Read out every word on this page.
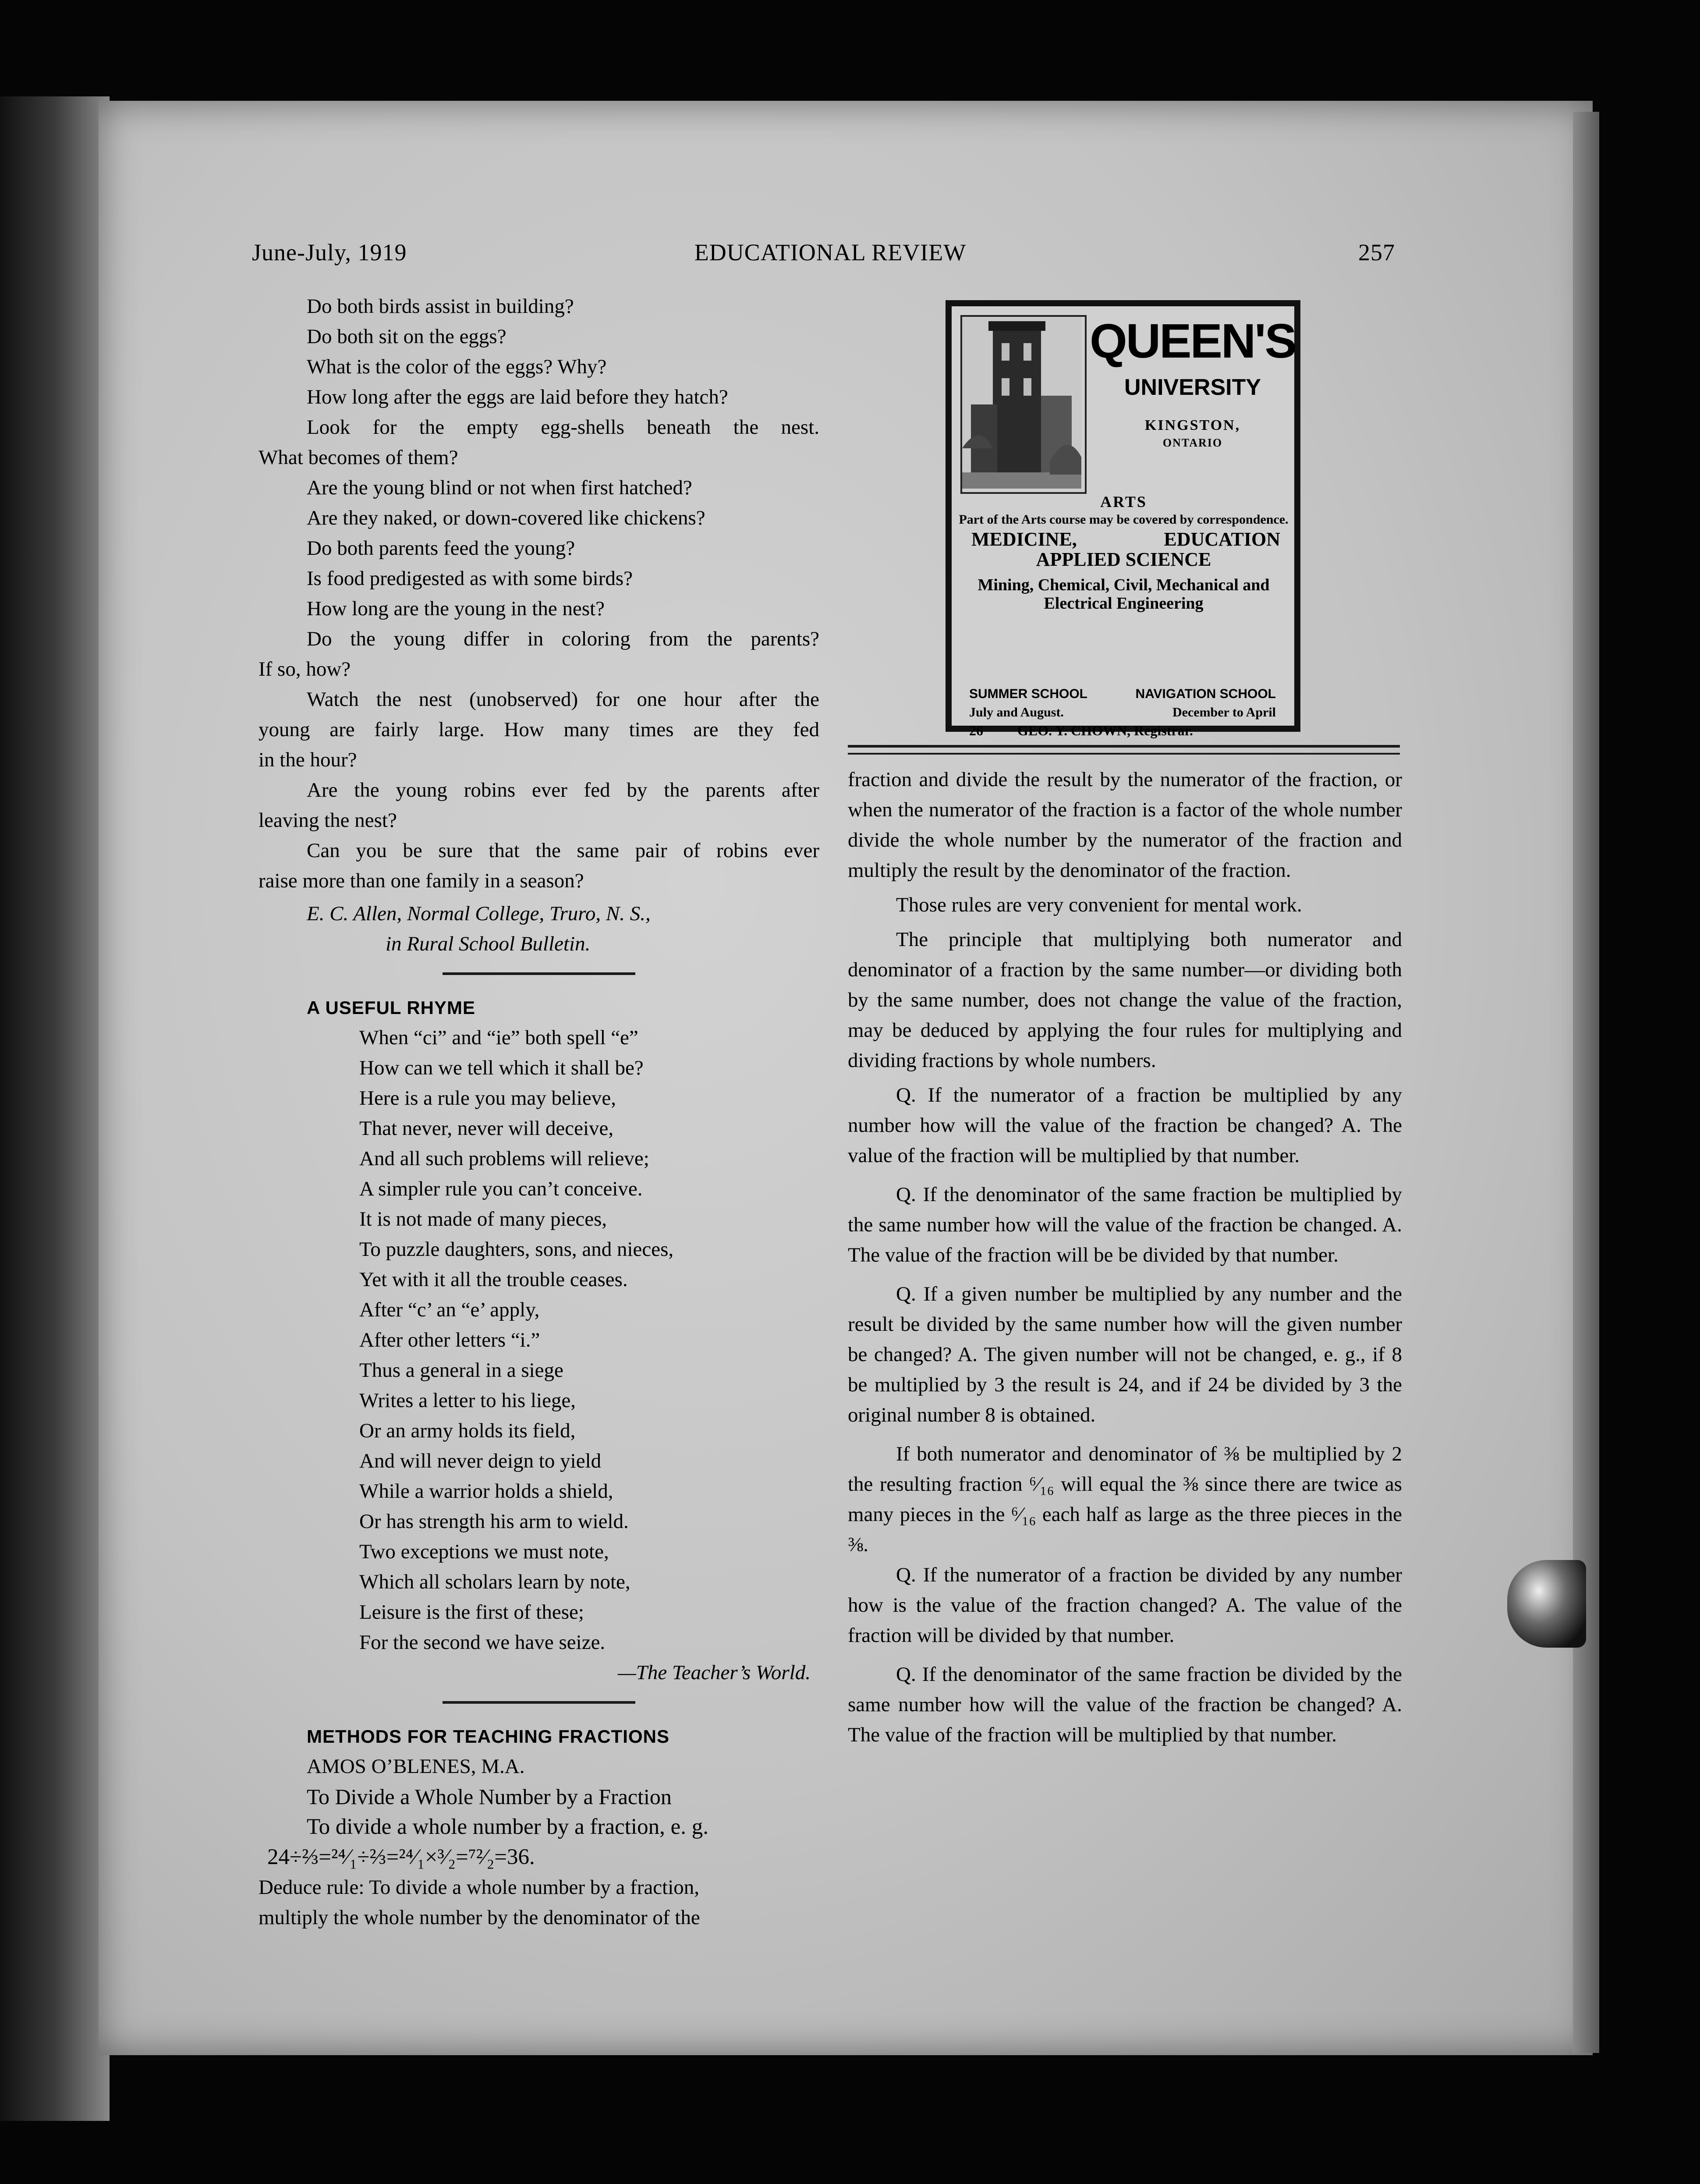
June-July, 1919	EDUCATIONAL REVIEW	257
Do both birds assist in building?
Do both sit on the eggs?
What is the color of the eggs? Why?
How long after the eggs are laid before they hatch?
Look for the empty egg-shells beneath the nest.
What becomes of them?
Are the young blind or not when first hatched?
Are they naked, or down-covered like chickens?
Do both parents feed the young?
Is food predigested as with some birds?
How long are the young in the nest?
Do the young differ in coloring from the parents?
If so, how?
Watch the nest (unobserved) for one hour after the
young are fairly large. How many times are they fed
in the hour?
Are the young robins ever fed by the parents after
leaving the nest?
Can you be sure that the same pair of robins ever
raise more than one family in a season?

E. C. Allen, Normal College, Truro, N. S.,

in Rural School Bulletin.

A USEFUL RHYME

When “ci” and “ie” both spell “e”
How can we tell which it shall be?
Here is a rule you may believe,
That never, never will deceive,
And all such problems will relieve;
A simpler rule you can’t conceive.
It is not made of many pieces,
To puzzle daughters, sons, and nieces,
Yet with it all the trouble ceases.
After “c’ an “e’ apply,
After other letters “i.”
Thus a general in a siege
Writes a letter to his liege,
Or an army holds its field,
And will never deign to yield
While a warrior holds a shield,
Or has strength his arm to wield.
Two exceptions we must note,
Which all scholars learn by note,
Leisure is the first of these;
For the second we have seize.
—The Teacher’s World.

METHODS FOR TEACHING FRACTIONS

AMOS O’BLENES, M.A.

To Divide a Whole Number by a Fraction

To divide a whole number by a fraction, e. g.

24÷⅔=²⁴⁄₁÷⅔=²⁴⁄₁×³⁄₂=⁷²⁄₂=36.

Deduce rule: To divide a whole number by a fraction,

multiply the whole number by the denominator of the

QUEEN'S
UNIVERSITY
KINGSTON,
ONTARIO

ARTS

Part of the Arts course may be covered by correspondence.

MEDICINE,	EDUCATION

APPLIED SCIENCE

Mining, Chemical, Civil, Mechanical and Electrical Engineering

SUMMER SCHOOL	NAVIGATION SCHOOL
July and August.	December to April
26 GEO. Y. CHOWN, Registrar.

fraction and divide the result by the numerator of the fraction, or when the numerator of the fraction is a factor of the whole number divide the whole number by the numerator of the fraction and multiply the result by the denominator of the fraction.

Those rules are very convenient for mental work.

The principle that multiplying both numerator and denominator of a fraction by the same number—or dividing both by the same number, does not change the value of the fraction, may be deduced by applying the four rules for multiplying and dividing fractions by whole numbers.

Q. If the numerator of a fraction be multiplied by any number how will the value of the fraction be changed? A. The value of the fraction will be multiplied by that number.

Q. If the denominator of the same fraction be multiplied by the same number how will the value of the fraction be changed. A. The value of the fraction will be be divided by that number.

Q. If a given number be multiplied by any number and the result be divided by the same number how will the given number be changed? A. The given number will not be changed, e. g., if 8 be multiplied by 3 the result is 24, and if 24 be divided by 3 the original number 8 is obtained.

If both numerator and denominator of ⅜ be multiplied by 2 the resulting fraction ⁶⁄₁₆ will equal the ⅜ since there are twice as many pieces in the ⁶⁄₁₆ each half as large as the three pieces in the ⅜.

Q. If the numerator of a fraction be divided by any number how is the value of the fraction changed? A. The value of the fraction will be divided by that number.

Q. If the denominator of the same fraction be divided by the same number how will the value of the fraction be changed? A. The value of the fraction will be multiplied by that number.
